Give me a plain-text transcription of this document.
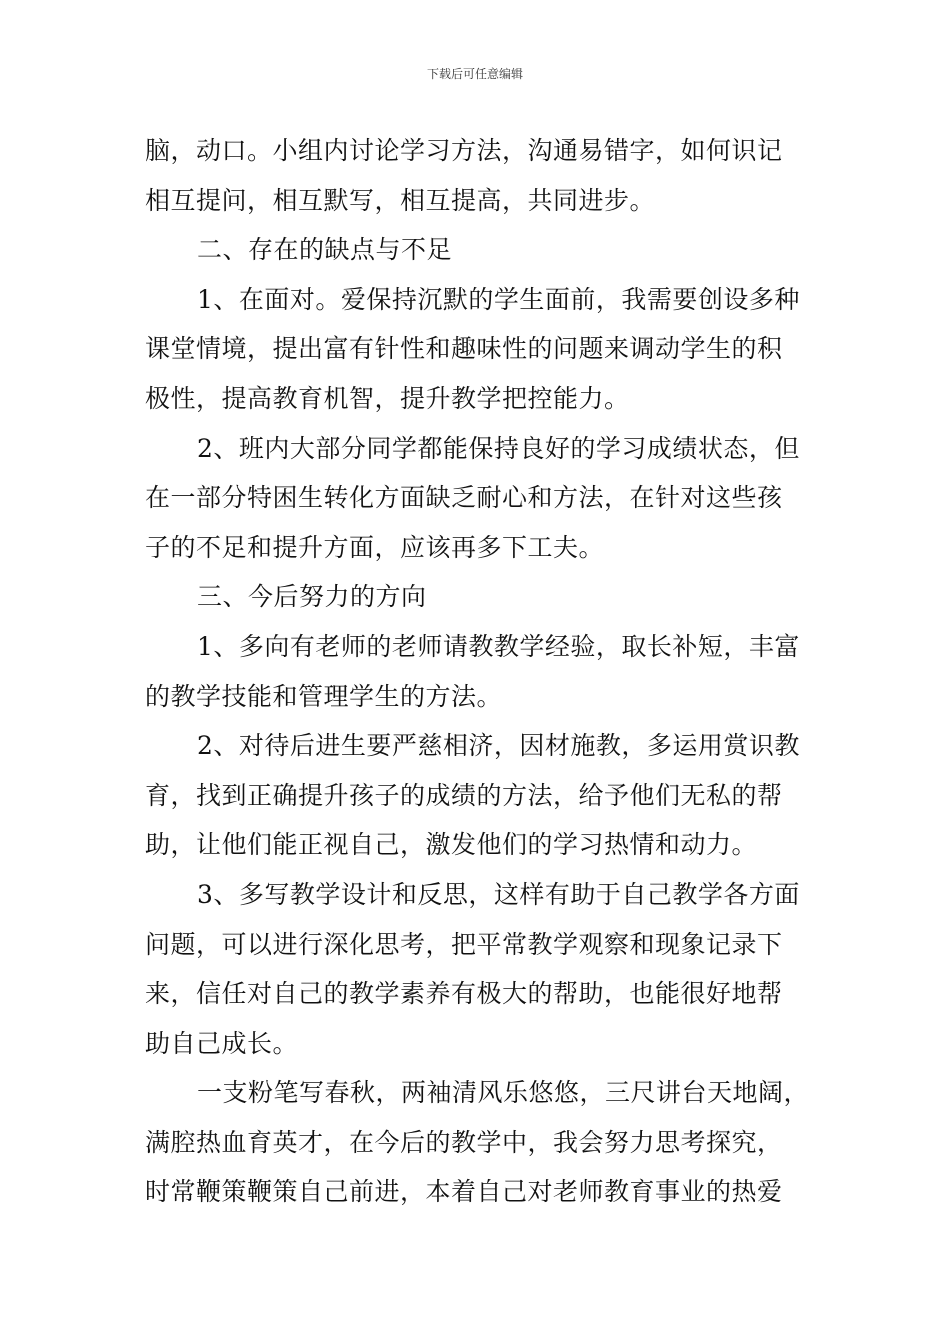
下载后可任意编辑
脑，动口。小组内讨论学习方法，沟通易错字，如何识记
相互提问，相互默写，相互提高，共同进步。
二、存在的缺点与不足
1、在面对。爱保持沉默的学生面前，我需要创设多种
课堂情境，提出富有针性和趣味性的问题来调动学生的积
极性，提高教育机智，提升教学把控能力。
2、班内大部分同学都能保持良好的学习成绩状态，但
在一部分特困生转化方面缺乏耐心和方法，在针对这些孩
子的不足和提升方面，应该再多下工夫。
三、今后努力的方向
1、多向有老师的老师请教教学经验，取长补短，丰富
的教学技能和管理学生的方法。
2、对待后进生要严慈相济，因材施教，多运用赏识教
育，找到正确提升孩子的成绩的方法，给予他们无私的帮
助，让他们能正视自己，激发他们的学习热情和动力。
3、多写教学设计和反思，这样有助于自己教学各方面
问题，可以进行深化思考，把平常教学观察和现象记录下
来，信任对自己的教学素养有极大的帮助，也能很好地帮
助自己成长。
一支粉笔写春秋，两袖清风乐悠悠，三尺讲台天地阔，
满腔热血育英才，在今后的教学中，我会努力思考探究，
时常鞭策鞭策自己前进，本着自己对老师教育事业的热爱
